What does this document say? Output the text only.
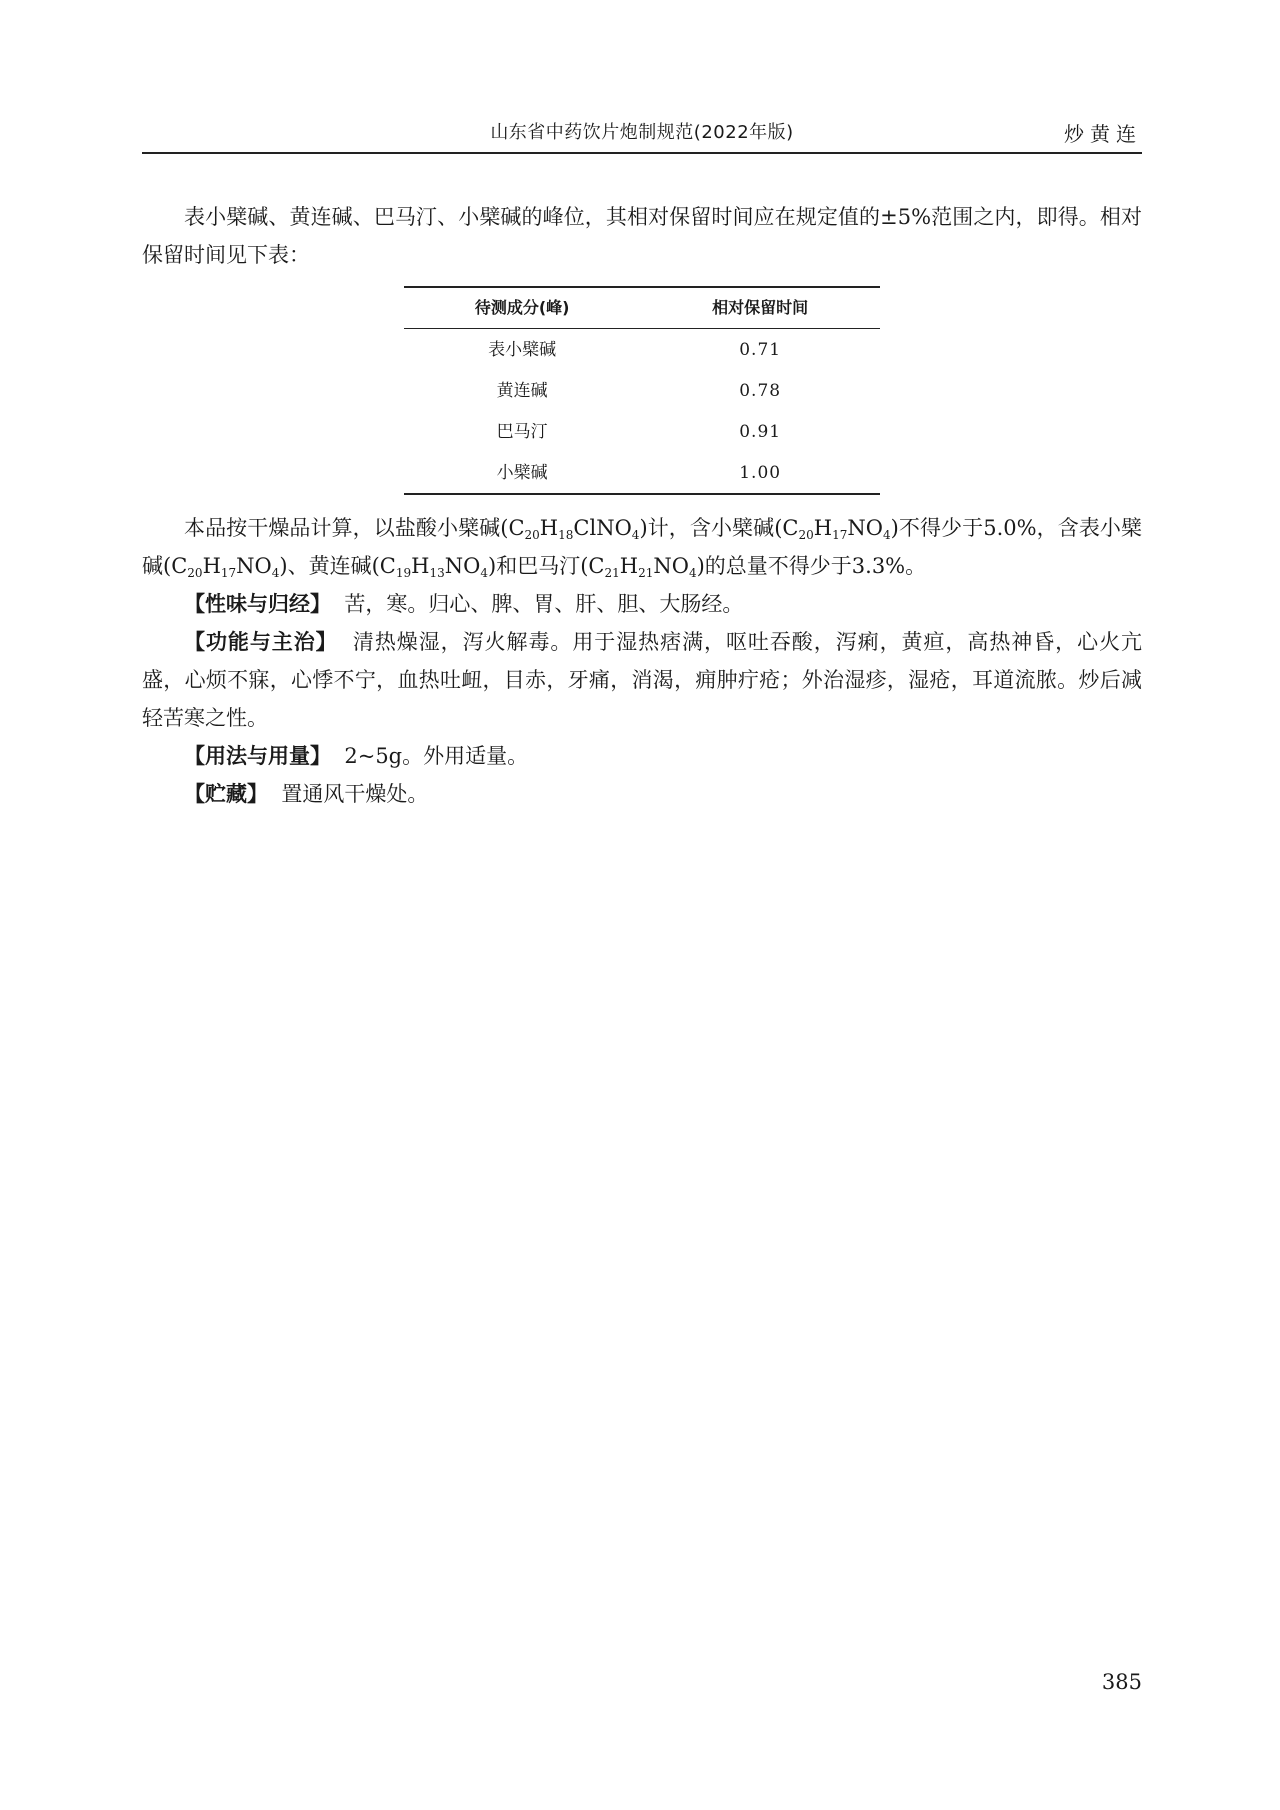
山东省中药饮片炮制规范(2022年版)	炒黄连

表小檗碱、黄连碱、巴马汀、小檗碱的峰位，其相对保留时间应在规定值的±5%范围之内，即得。相对保留时间见下表：

待测成分(峰)	相对保留时间
表小檗碱	0.71
黄连碱	0.78
巴马汀	0.91
小檗碱	1.00

本品按干燥品计算，以盐酸小檗碱$(C_{20}H_{18}ClNO_4)$计，含小檗碱$(C_{20}H_{17}NO_4)$不得少于5.0%，含表小檗碱$(C_{20}H_{17}NO_4)$、黄连碱$(C_{19}H_{13}NO_4)$和巴马汀$(C_{21}H_{21}NO_4)$的总量不得少于3.3%。

【性味与归经】 苦，寒。归心、脾、胃、肝、胆、大肠经。

【功能与主治】 清热燥湿，泻火解毒。用于湿热痞满，呕吐吞酸，泻痢，黄疸，高热神昏，心火亢盛，心烦不寐，心悸不宁，血热吐衄，目赤，牙痛，消渴，痈肿疔疮；外治湿疹，湿疮，耳道流脓。炒后减轻苦寒之性。

【用法与用量】 2~5g。外用适量。

【贮藏】 置通风干燥处。

385
